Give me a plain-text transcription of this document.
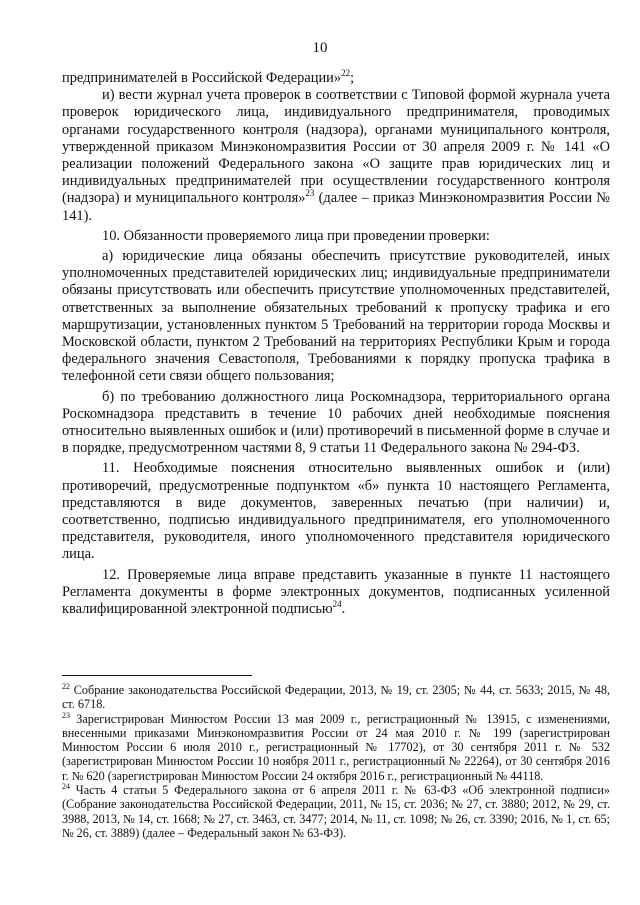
10

предпринимателей в Российской Федерации»$^{22}$;

и) вести журнал учета проверок в соответствии с Типовой формой журнала учета проверок юридического лица, индивидуального предпринимателя, проводимых органами государственного контроля (надзора), органами муниципального контроля, утвержденной приказом Минэкономразвития России от 30 апреля 2009 г. № 141 «О реализации положений Федерального закона «О защите прав юридических лиц и индивидуальных предпринимателей при осуществлении государственного контроля (надзора) и муниципального контроля»$^{23}$ (далее – приказ Минэкономразвития России № 141).

10. Обязанности проверяемого лица при проведении проверки:

а) юридические лица обязаны обеспечить присутствие руководителей, иных уполномоченных представителей юридических лиц; индивидуальные предприниматели обязаны присутствовать или обеспечить присутствие уполномоченных представителей, ответственных за выполнение обязательных требований к пропуску трафика и его маршрутизации, установленных пунктом 5 Требований на территории города Москвы и Московской области, пунктом 2 Требований на территориях Республики Крым и города федерального значения Севастополя, Требованиями к порядку пропуска трафика в телефонной сети связи общего пользования;

б) по требованию должностного лица Роскомнадзора, территориального органа Роскомнадзора представить в течение 10 рабочих дней необходимые пояснения относительно выявленных ошибок и (или) противоречий в письменной форме в случае и в порядке, предусмотренном частями 8, 9 статьи 11 Федерального закона № 294-ФЗ.

11. Необходимые пояснения относительно выявленных ошибок и (или) противоречий, предусмотренные подпунктом «б» пункта 10 настоящего Регламента, представляются в виде документов, заверенных печатью (при наличии) и, соответственно, подписью индивидуального предпринимателя, его уполномоченного представителя, руководителя, иного уполномоченного представителя юридического лица.

12. Проверяемые лица вправе представить указанные в пункте 11 настоящего Регламента документы в форме электронных документов, подписанных усиленной квалифицированной электронной подписью$^{24}$.

$^{22}$ Собрание законодательства Российской Федерации, 2013, № 19, ст. 2305; № 44, ст. 5633; 2015, № 48, ст. 6718.

$^{23}$ Зарегистрирован Минюстом России 13 мая 2009 г., регистрационный № 13915, с изменениями, внесенными приказами Минэкономразвития России от 24 мая 2010 г. № 199 (зарегистрирован Минюстом России 6 июля 2010 г., регистрационный № 17702), от 30 сентября 2011 г. № 532 (зарегистрирован Минюстом России 10 ноября 2011 г., регистрационный № 22264), от 30 сентября 2016 г. № 620 (зарегистрирован Минюстом России 24 октября 2016 г., регистрационный № 44118.

$^{24}$ Часть 4 статьи 5 Федерального закона от 6 апреля 2011 г. № 63-ФЗ «Об электронной подписи» (Собрание законодательства Российской Федерации, 2011, № 15, ст. 2036; № 27, ст. 3880; 2012, № 29, ст. 3988, 2013, № 14, ст. 1668; № 27, ст. 3463, ст. 3477; 2014, № 11, ст. 1098; № 26, ст. 3390; 2016, № 1, ст. 65; № 26, ст. 3889) (далее – Федеральный закон № 63-ФЗ).
